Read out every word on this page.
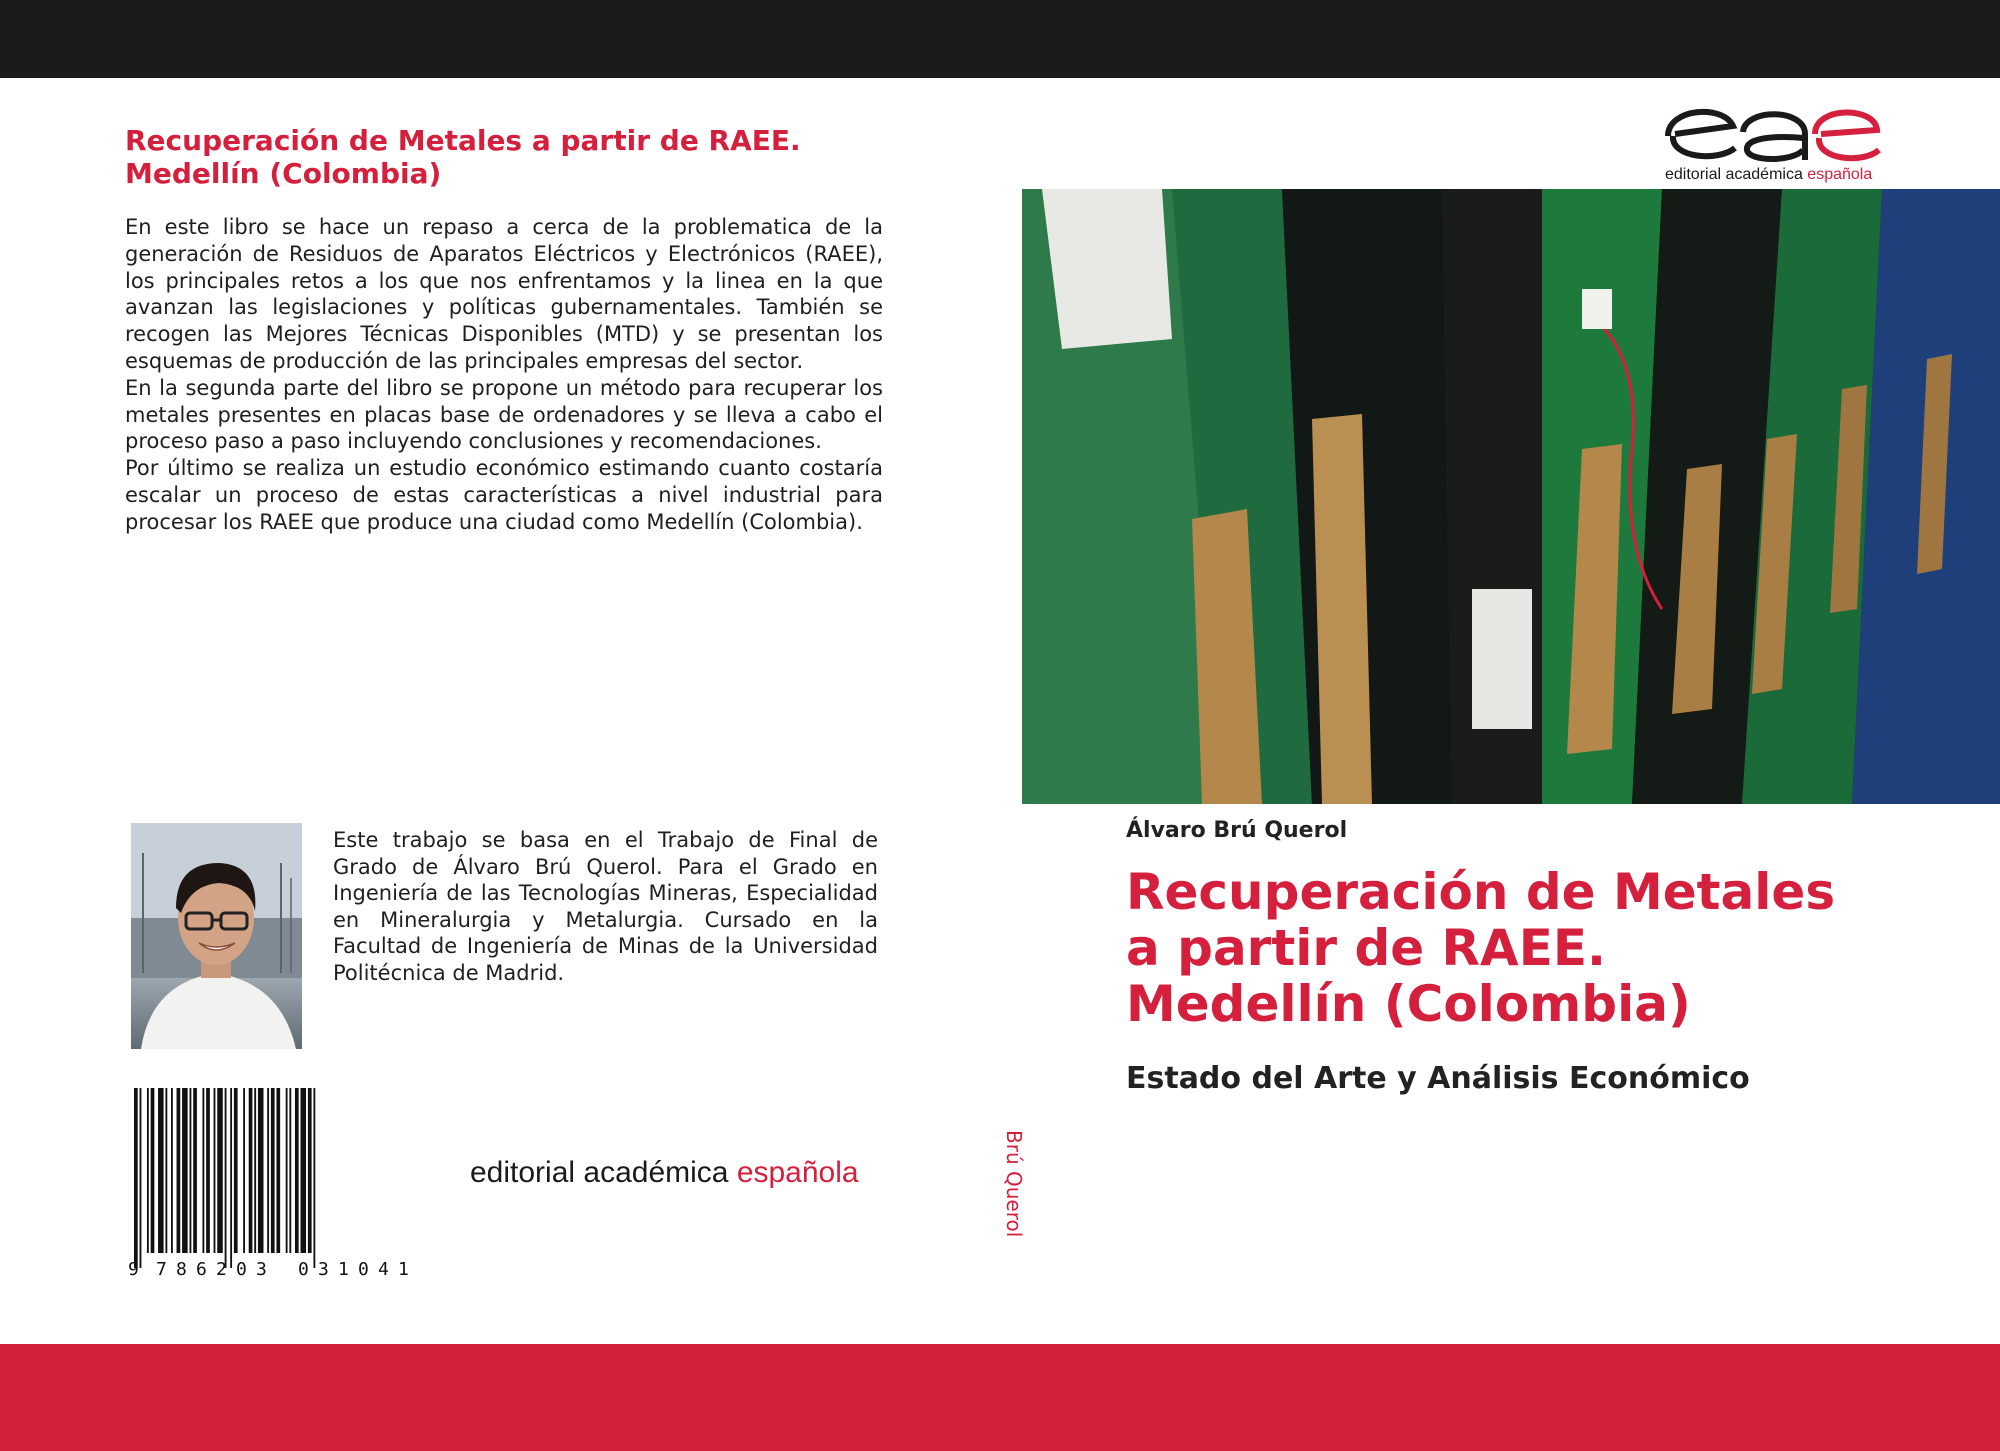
Recuperación de Metales a partir de RAEE.
Medellín (Colombia)

En este libro se hace un repaso a cerca de la problematica de la generación de Residuos de Aparatos Eléctricos y Electrónicos (RAEE), los principales retos a los que nos enfrentamos y la linea en la que avanzan las legislaciones y políticas gubernamentales. También se recogen las Mejores Técnicas Disponibles (MTD) y se presentan los esquemas de producción de las principales empresas del sector.

En la segunda parte del libro se propone un método para recuperar los metales presentes en placas base de ordenadores y se lleva a cabo el proceso paso a paso incluyendo conclusiones y recomendaciones.

Por último se realiza un estudio económico estimando cuanto costaría escalar un proceso de estas características a nivel industrial para procesar los RAEE que produce una ciudad como Medellín (Colombia).

Este trabajo se basa en el Trabajo de Final de Grado de Álvaro Brú Querol. Para el Grado en Ingeniería de las Tecnologías Mineras, Especialidad en Mineralurgia y Metalurgia. Cursado en la Facultad de Ingeniería de Minas de la Universidad Politécnica de Madrid.
9 7 8 6 2 0 3 0 3 1 0 4 1
editorial académica española	Brú Querol
editorial académica española
Álvaro Brú Querol
Recuperación de Metales
a partir de RAEE.
Medellín (Colombia)
Estado del Arte y Análisis Económico
